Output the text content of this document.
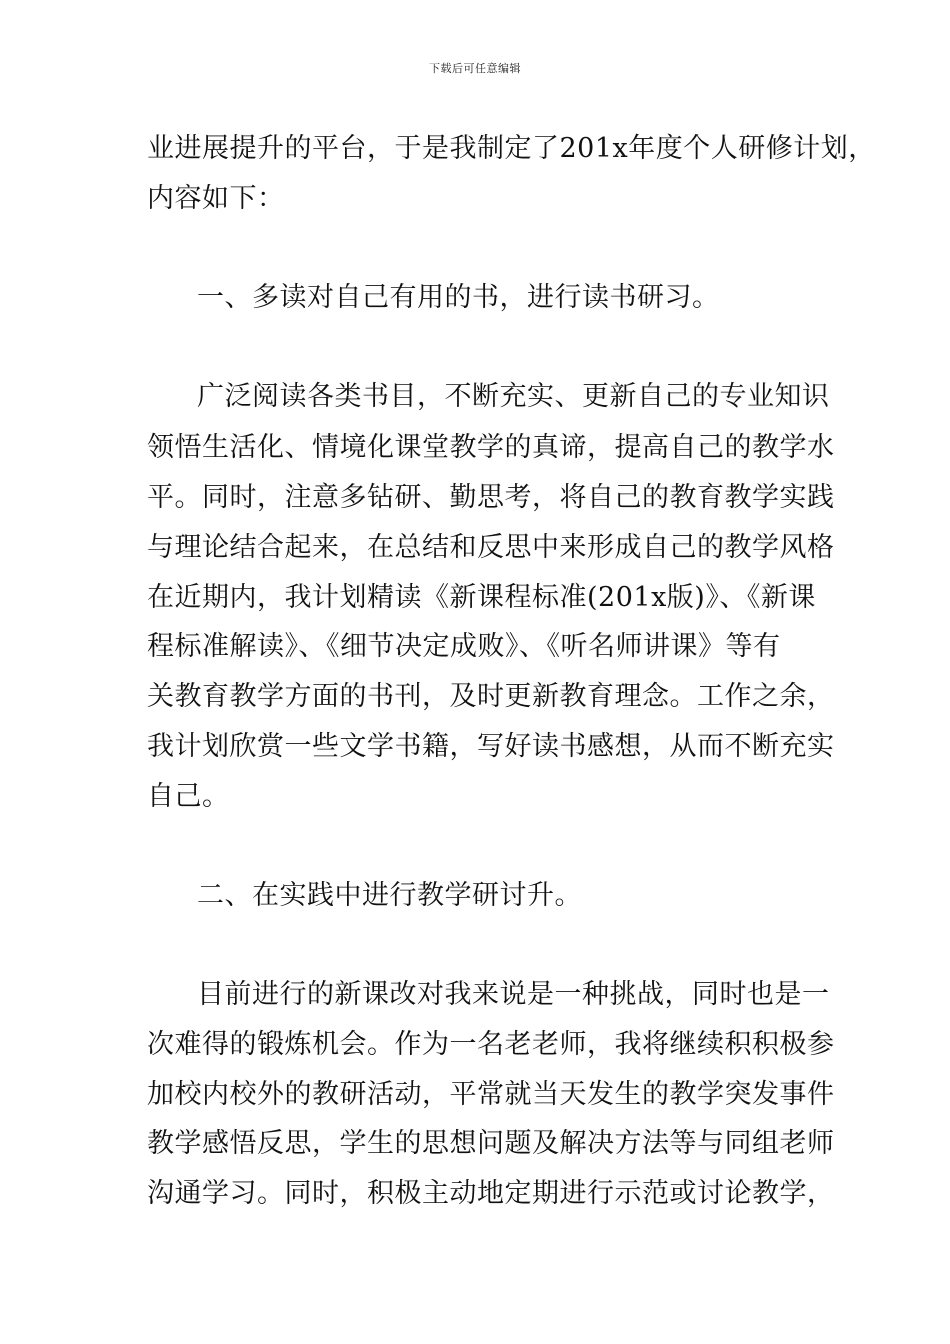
下载后可任意编辑
业进展提升的平台，于是我制定了201x年度个人研修计划，
内容如下：
一、多读对自己有用的书，进行读书研习。
广泛阅读各类书目，不断充实、更新自己的专业知识
领悟生活化、情境化课堂教学的真谛，提高自己的教学水
平。同时，注意多钻研、勤思考，将自己的教育教学实践
与理论结合起来，在总结和反思中来形成自己的教学风格
在近期内，我计划精读《新课程标准(201x版)》、《新课
程标准解读》、《细节决定成败》、《听名师讲课》等有
关教育教学方面的书刊，及时更新教育理念。工作之余，
我计划欣赏一些文学书籍，写好读书感想，从而不断充实
自己。
二、在实践中进行教学研讨升。
目前进行的新课改对我来说是一种挑战，同时也是一
次难得的锻炼机会。作为一名老老师，我将继续积积极参
加校内校外的教研活动，平常就当天发生的教学突发事件
教学感悟反思，学生的思想问题及解决方法等与同组老师
沟通学习。同时，积极主动地定期进行示范或讨论教学，
